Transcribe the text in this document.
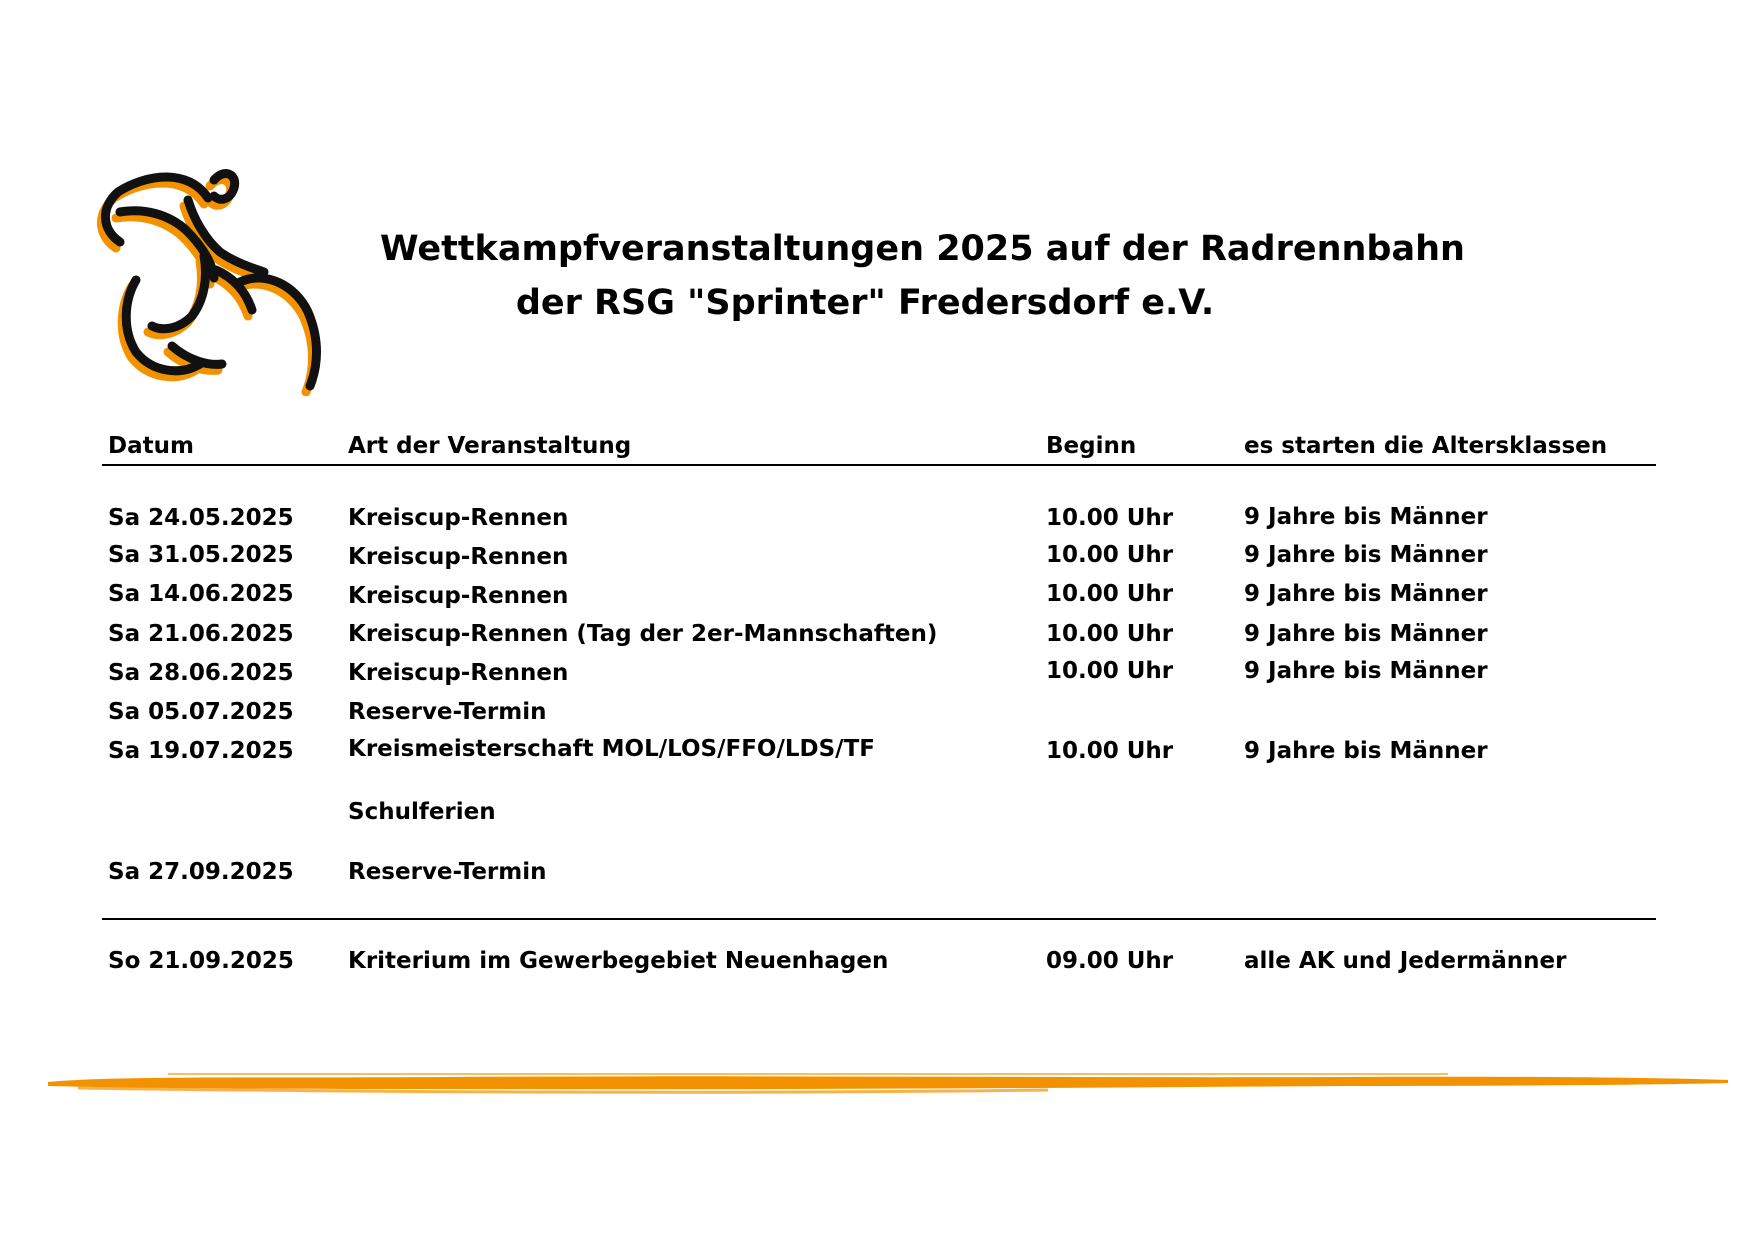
Wettkampfveranstaltungen 2025 auf der Radrennbahn
der RSG "Sprinter" Fredersdorf e.V.
Datum	Art der Veranstaltung	Beginn	es starten die Altersklassen
Sa 24.05.2025 Kreiscup-Rennen	10.00 Uhr	9 Jahre bis Männer
Sa 31.05.2025 Kreiscup-Rennen	10.00 Uhr	9 Jahre bis Männer
Sa 14.06.2025 Kreiscup-Rennen	10.00 Uhr	9 Jahre bis Männer
Sa 21.06.2025 Kreiscup-Rennen (Tag der 2er-Mannschaften)	10.00 Uhr	9 Jahre bis Männer
Sa 28.06.2025 Kreiscup-Rennen	10.00 Uhr	9 Jahre bis Männer
Sa 05.07.2025 Reserve-Termin
Sa 19.07.2025 Kreismeisterschaft MOL/LOS/FFO/LDS/TF	10.00 Uhr	9 Jahre bis Männer
Schulferien
Sa 27.09.2025 Reserve-Termin
So 21.09.2025 Kriterium im Gewerbegebiet Neuenhagen	09.00 Uhr	alle AK und Jedermänner
